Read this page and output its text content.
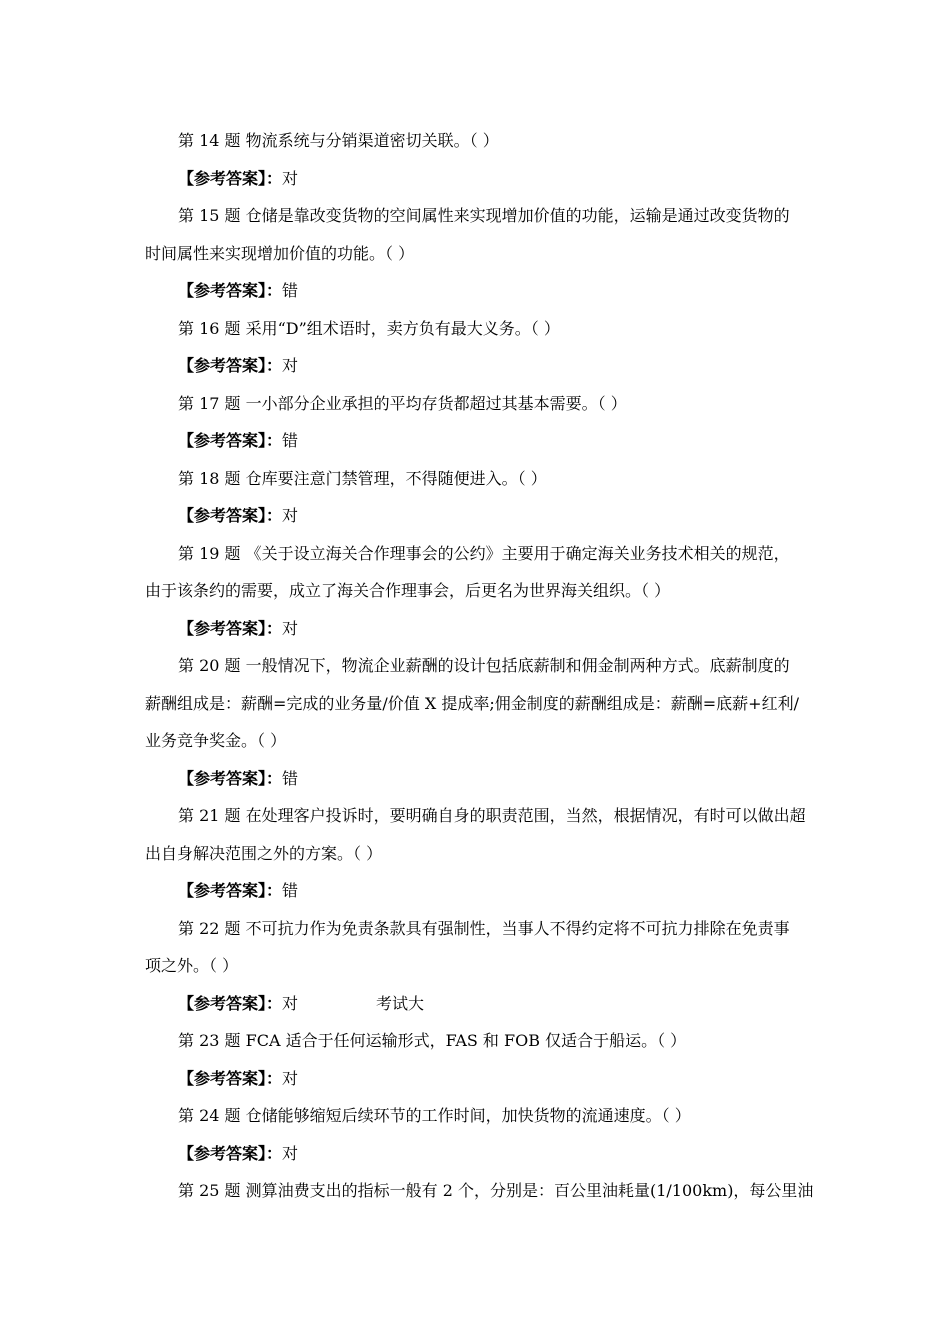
第 14 题 物流系统与分销渠道密切关联。（ ）
【参考答案】：对
第 15 题 仓储是靠改变货物的空间属性来实现增加价值的功能，运输是通过改变货物的
时间属性来实现增加价值的功能。（ ）
【参考答案】：错
第 16 题 采用“D”组术语时，卖方负有最大义务。（ ）
【参考答案】：对
第 17 题 一小部分企业承担的平均存货都超过其基本需要。（ ）
【参考答案】：错
第 18 题 仓库要注意门禁管理，不得随便进入。（ ）
【参考答案】：对
第 19 题 《关于设立海关合作理事会的公约》主要用于确定海关业务技术相关的规范，
由于该条约的需要，成立了海关合作理事会，后更名为世界海关组织。（ ）
【参考答案】：对
第 20 题 一般情况下，物流企业薪酬的设计包括底薪制和佣金制两种方式。底薪制度的
薪酬组成是：薪酬=完成的业务量/价值 X 提成率;佣金制度的薪酬组成是：薪酬=底薪+红利/
业务竞争奖金。（ ）
【参考答案】：错
第 21 题 在处理客户投诉时，要明确自身的职责范围，当然，根据情况，有时可以做出超
出自身解决范围之外的方案。（ ）
【参考答案】：错
第 22 题 不可抗力作为免责条款具有强制性，当事人不得约定将不可抗力排除在免责事
项之外。（ ）
【参考答案】：对	考试大
第 23 题 FCA 适合于任何运输形式，FAS 和 FOB 仅适合于船运。（ ）
【参考答案】：对
第 24 题 仓储能够缩短后续环节的工作时间，加快货物的流通速度。（ ）
【参考答案】：对
第 25 题 测算油费支出的指标一般有 2 个，分别是：百公里油耗量(1/100km)，每公里油
